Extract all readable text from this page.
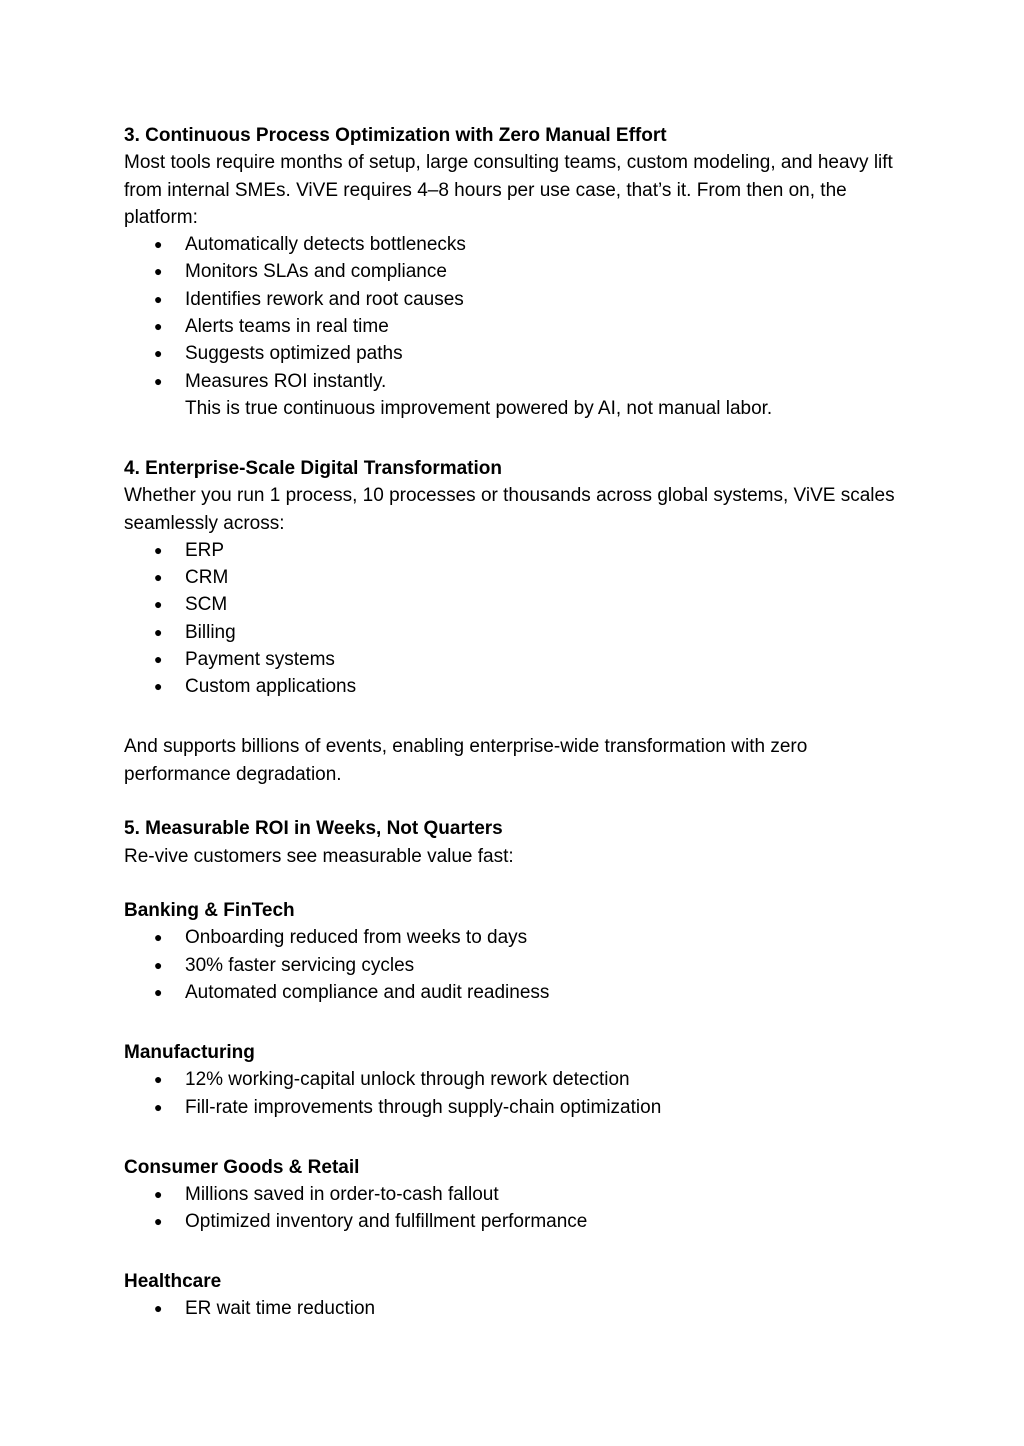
3. Continuous Process Optimization with Zero Manual Effort
Most tools require months of setup, large consulting teams, custom modeling, and heavy lift from internal SMEs. ViVE requires 4–8 hours per use case, that’s it. From then on, the platform:
● Automatically detects bottlenecks
● Monitors SLAs and compliance
● Identifies rework and root causes
● Alerts teams in real time
● Suggests optimized paths
● Measures ROI instantly.
This is true continuous improvement powered by AI, not manual labor.
4. Enterprise-Scale Digital Transformation
Whether you run 1 process, 10 processes or thousands across global systems, ViVE scales seamlessly across:
● ERP
● CRM
● SCM
● Billing
● Payment systems
● Custom applications
And supports billions of events, enabling enterprise-wide transformation with zero performance degradation.
5. Measurable ROI in Weeks, Not Quarters
Re-vive customers see measurable value fast:
Banking & FinTech
● Onboarding reduced from weeks to days
● 30% faster servicing cycles
● Automated compliance and audit readiness
Manufacturing
● 12% working-capital unlock through rework detection
● Fill-rate improvements through supply-chain optimization
Consumer Goods & Retail
● Millions saved in order-to-cash fallout
● Optimized inventory and fulfillment performance
Healthcare
● ER wait time reduction
